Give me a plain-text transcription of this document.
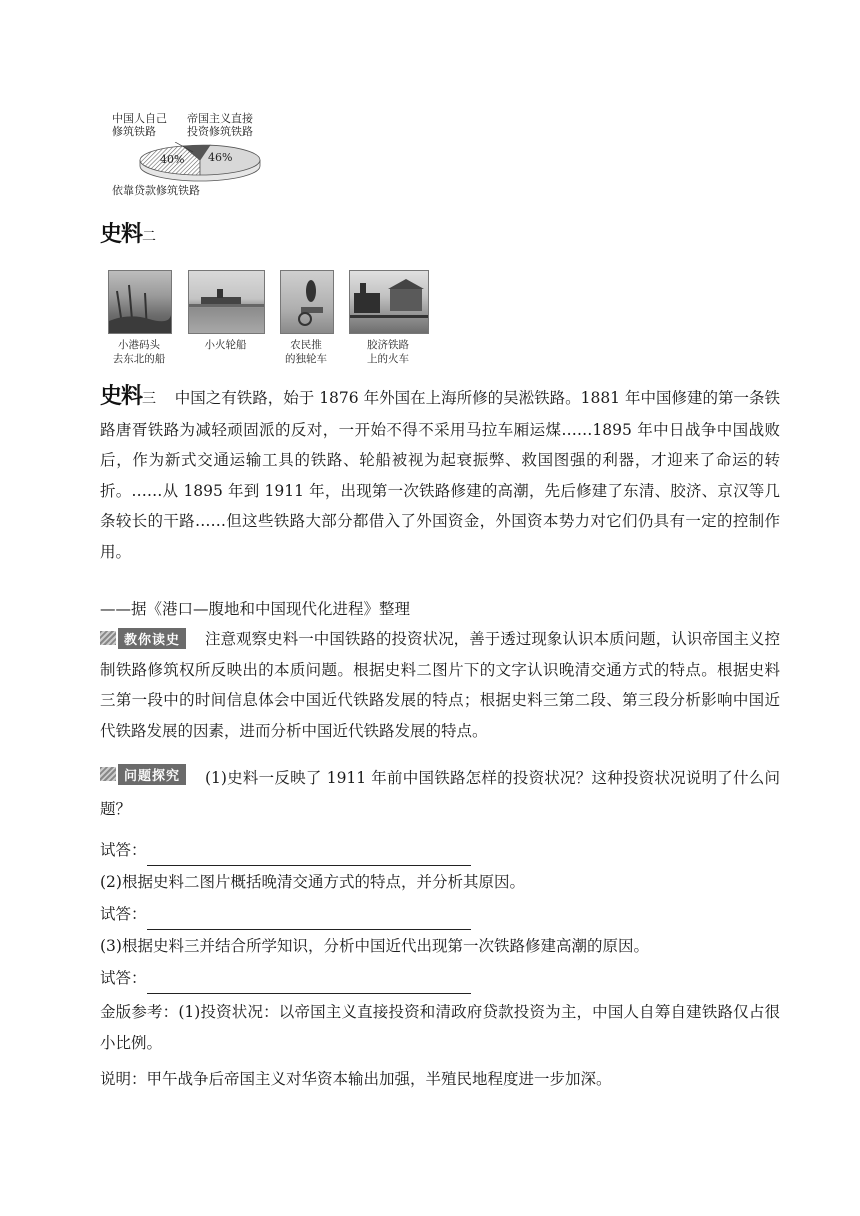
中国人自己
修筑铁路
帝国主义直接
投资修筑铁路
40% 46%
依靠贷款修筑铁路
史料二
小港码头
去东北的船
小火轮船	农民推
的独轮车
胶济铁路
上的火车

史料三 中国之有铁路，始于 1876 年外国在上海所修的吴淞铁路。1881 年中国修建的第一条铁路唐胥铁路为减轻顽固派的反对，一开始不得不采用马拉车厢运煤……1895 年中日战争中国战败后，作为新式交通运输工具的铁路、轮船被视为起衰振弊、救国图强的利器，才迎来了命运的转折。……从 1895 年到 1911 年，出现第一次铁路修建的高潮，先后修建了东清、胶济、京汉等几条较长的干路……但这些铁路大部分都借入了外国资金，外国资本势力对它们仍具有一定的控制作用。

——据《港口—腹地和中国现代化进程》整理

教你读史	注意观察史料一中国铁路的投资状况，善于透过现象认识本质问题，认识帝国主义控制铁路修筑权所反映出的本质问题。根据史料二图片下的文字认识晚清交通方式的特点。根据史料三第一段中的时间信息体会中国近代铁路发展的特点；根据史料三第二段、第三段分析影响中国近代铁路发展的因素，进而分析中国近代铁路发展的特点。

问题探究	(1)史料一反映了 1911 年前中国铁路怎样的投资状况？这种投资状况说明了什么问题？

试答：

(2)根据史料二图片概括晚清交通方式的特点，并分析其原因。

试答：

(3)根据史料三并结合所学知识，分析中国近代出现第一次铁路修建高潮的原因。

试答：

金版参考：(1)投资状况：以帝国主义直接投资和清政府贷款投资为主，中国人自筹自建铁路仅占很小比例。

说明：甲午战争后帝国主义对华资本输出加强，半殖民地程度进一步加深。
